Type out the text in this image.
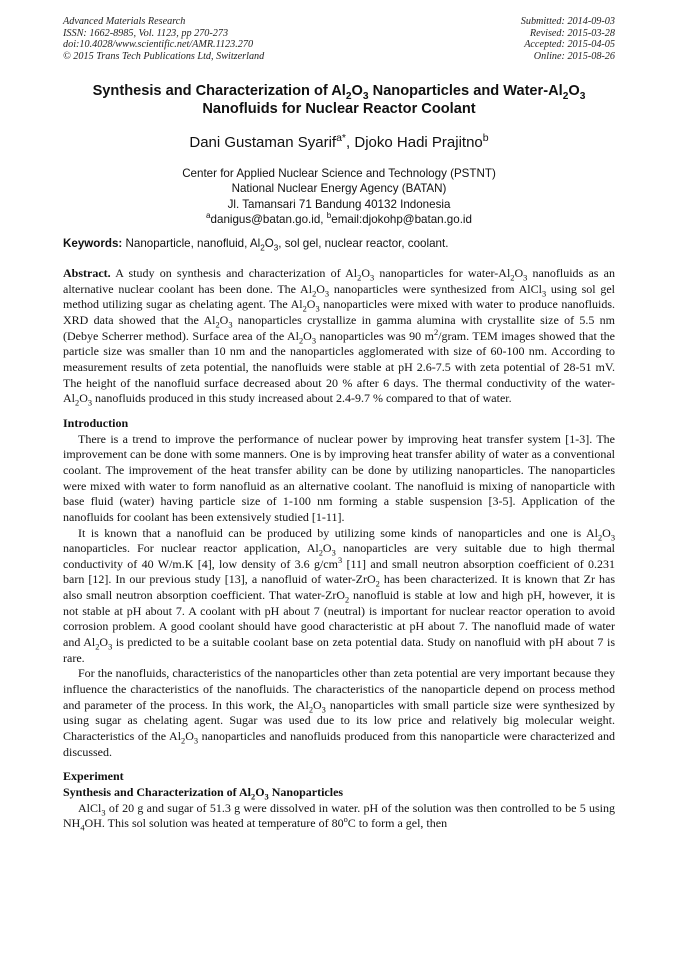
Advanced Materials Research
ISSN: 1662-8985, Vol. 1123, pp 270-273
doi:10.4028/www.scientific.net/AMR.1123.270
© 2015 Trans Tech Publications Ltd, Switzerland
Submitted: 2014-09-03
Revised: 2015-03-28
Accepted: 2015-04-05
Online: 2015-08-26
Synthesis and Characterization of $Al_2O_3$ Nanoparticles and Water-$Al_2O_3$
Nanofluids for Nuclear Reactor Coolant
Dani Gustaman Syarif$^{a*}$, Djoko Hadi Prajitno$^b$
Center for Applied Nuclear Science and Technology (PSTNT)
National Nuclear Energy Agency (BATAN)
Jl. Tamansari 71 Bandung 40132 Indonesia
$^a$danigus@batan.go.id, $^b$email:djokohp@batan.go.id
Keywords: Nanoparticle, nanofluid, $Al_2O_3$, sol gel, nuclear reactor, coolant.

Abstract. A study on synthesis and characterization of $Al_2O_3$ nanoparticles for water-$Al_2O_3$ nanofluids as an alternative nuclear coolant has been done. The $Al_2O_3$ nanoparticles were synthesized from AlCl$_3$ using sol gel method utilizing sugar as chelating agent. The $Al_2O_3$ nanoparticles were mixed with water to produce nanofluids. XRD data showed that the $Al_2O_3$ nanoparticles crystallize in gamma alumina with crystallite size of 5.5 nm (Debye Scherrer method). Surface area of the $Al_2O_3$ nanoparticles was 90 $m^2$/gram. TEM images showed that the particle size was smaller than 10 nm and the nanoparticles agglomerated with size of 60-100 nm. According to measurement results of zeta potential, the nanofluids were stable at pH 2.6-7.5 with zeta potential of 28-51 mV. The height of the nanofluid surface decreased about 20 % after 6 days. The thermal conductivity of the water-$Al_2O_3$ nanofluids produced in this study increased about 2.4-9.7 % compared to that of water.

Introduction

There is a trend to improve the performance of nuclear power by improving heat transfer system [1-3]. The improvement can be done with some manners. One is by improving heat transfer ability of water as a conventional coolant. The improvement of the heat transfer ability can be done by utilizing nanoparticles. The nanoparticles were mixed with water to form nanofluid as an alternative coolant. The nanofluid is mixing of nanoparticle with base fluid (water) having particle size of 1-100 nm forming a stable suspension [3-5]. Application of the nanofluids for coolant has been extensively studied [1-11].

It is known that a nanofluid can be produced by utilizing some kinds of nanoparticles and one is $Al_2O_3$ nanoparticles. For nuclear reactor application, $Al_2O_3$ nanoparticles are very suitable due to high thermal conductivity of 40 W/m.K [4], low density of 3.6 $g/cm^3$ [11] and small neutron absorption coefficient of 0.231 barn [12]. In our previous study [13], a nanofluid of water-ZrO$_2$ has been characterized. It is known that Zr has also small neutron absorption coefficient. That water-ZrO$_2$ nanofluid is stable at low and high pH, however, it is not stable at pH about 7. A coolant with pH about 7 (neutral) is important for nuclear reactor operation to avoid corrosion problem. A good coolant should have good characteristic at pH about 7. The nanofluid made of water and $Al_2O_3$ is predicted to be a suitable coolant base on zeta potential data. Study on nanofluid with pH about 7 is rare.

For the nanofluids, characteristics of the nanoparticles other than zeta potential are very important because they influence the characteristics of the nanofluids. The characteristics of the nanoparticle depend on process method and parameter of the process. In this work, the $Al_2O_3$ nanoparticles with small particle size were synthesized by using sugar as chelating agent. Sugar was used due to its low price and relatively big molecular weight. Characteristics of the $Al_2O_3$ nanoparticles and nanofluids produced from this nanoparticle were characterized and discussed.

Experiment

Synthesis and Characterization of $Al_2O_3$ Nanoparticles

AlCl$_3$ of 20 g and sugar of 51.3 g were dissolved in water. pH of the solution was then controlled to be 5 using $NH_4OH$. This sol solution was heated at temperature of 80$^o$C to form a gel, then
